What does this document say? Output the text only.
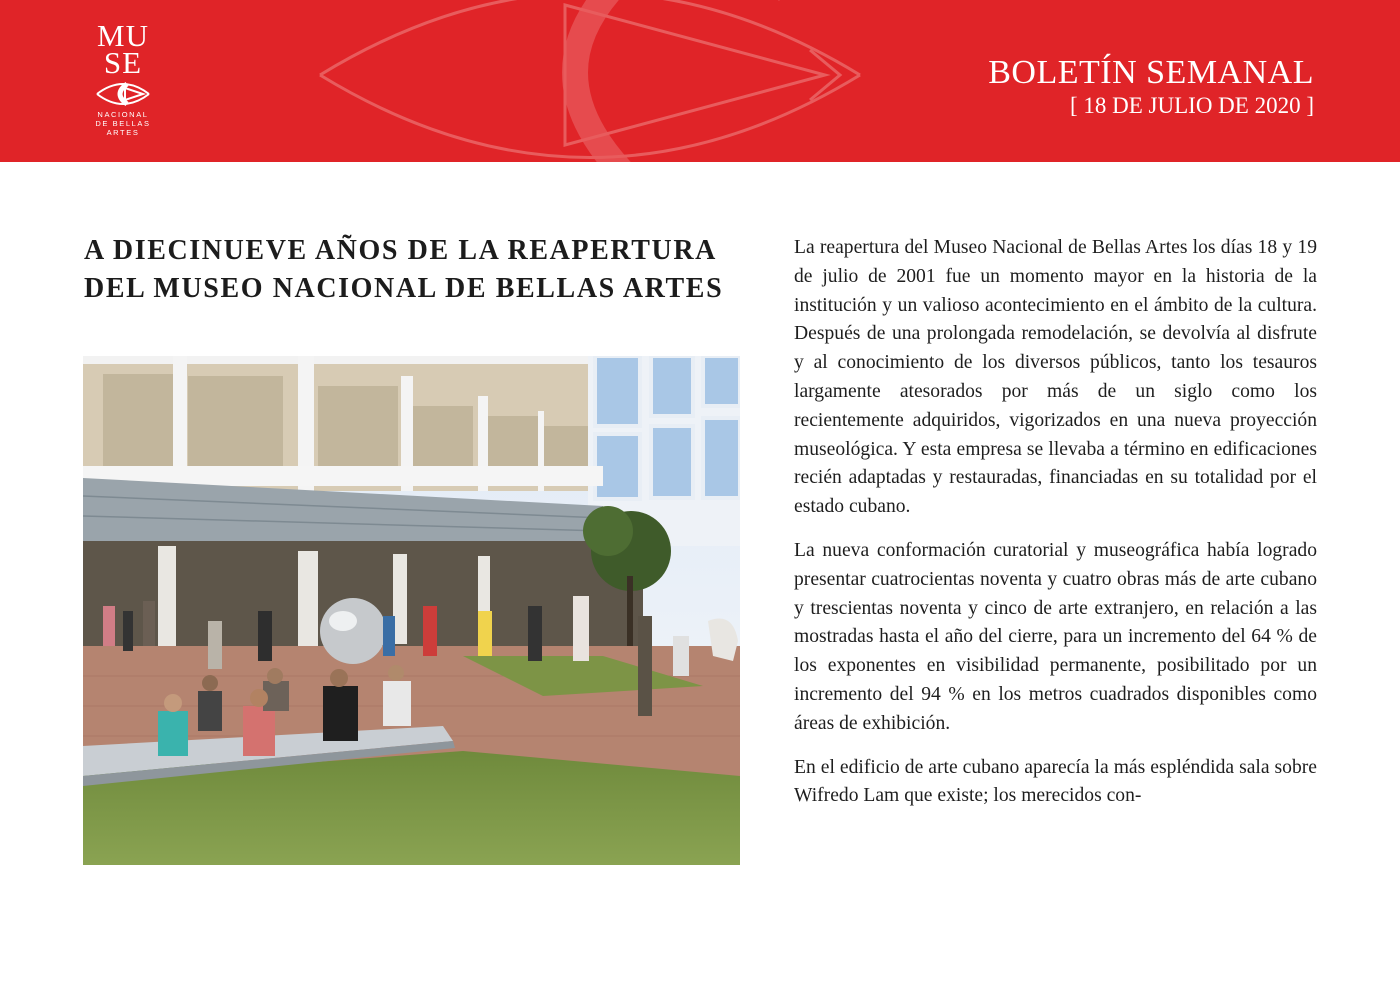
MU
SE
NACIONAL
DE BELLAS
ARTES
BOLETÍN SEMANAL
[ 18 DE JULIO DE 2020 ]
A DIECINUEVE AÑOS DE LA REAPERTURA
DEL MUSEO NACIONAL DE BELLAS ARTES

La reapertura del Museo Nacional de Bellas Artes los días 18 y 19 de julio de 2001 fue un momento mayor en la historia de la institución y un valioso acontecimiento en el ámbito de la cultura. Después de una prolongada remodelación, se devolvía al disfrute y al conocimiento de los diversos públicos, tanto los tesauros largamente atesorados por más de un siglo como los recientemente adquiridos, vigorizados en una nueva proyección museológica. Y esta empresa se llevaba a término en edificaciones recién adaptadas y restauradas, financiadas en su totalidad por el estado cubano.

La nueva conformación curatorial y museográfica había logrado presentar cuatrocientas noventa y cuatro obras más de arte cubano y trescientas noventa y cinco de arte extranjero, en relación a las mostradas hasta el año del cierre, para un incremento del 64 % de los exponentes en visibilidad permanente, posibilitado por un incremento del 94 % en los metros cuadrados disponibles como áreas de exhibición.

En el edificio de arte cubano aparecía la más espléndida sala sobre Wifredo Lam que existe; los merecidos con-
